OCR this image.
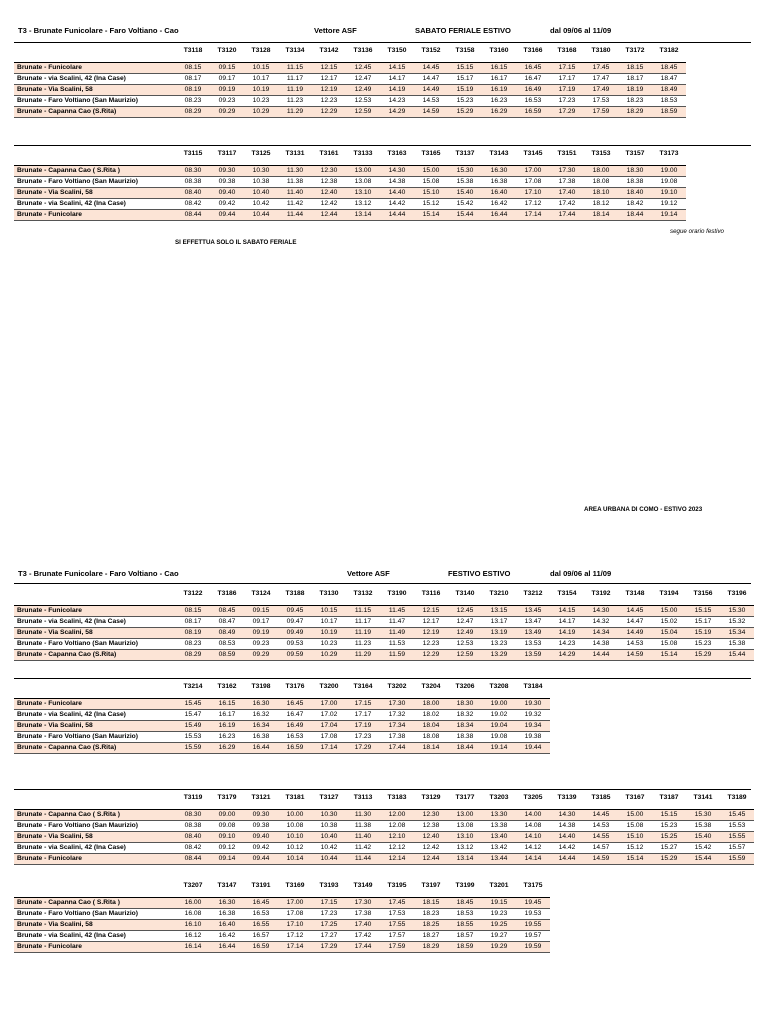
T3 - Brunate Funicolare - Faro Voltiano - Cao	Vettore ASF	SABATO FERIALE ESTIVO	dal 09/06 al 11/09
	T3118	T3120	T3128	T3134	T3142	T3136	T3150	T3152	T3158	T3160	T3166	T3168	T3180	T3172	T3182

Brunate - Funicolare	08.15	09.15	10.15	11.15	12.15	12.45	14.15	14.45	15.15	16.15	16.45	17.15	17.45	18.15	18.45
Brunate - via Scalini, 42 (Ina Case)	08.17	09.17	10.17	11.17	12.17	12.47	14.17	14.47	15.17	16.17	16.47	17.17	17.47	18.17	18.47
Brunate - Via Scalini, 58	08.19	09.19	10.19	11.19	12.19	12.49	14.19	14.49	15.19	16.19	16.49	17.19	17.49	18.19	18.49
Brunate - Faro Voltiano (San Maurizio)	08.23	09.23	10.23	11.23	12.23	12.53	14.23	14.53	15.23	16.23	16.53	17.23	17.53	18.23	18.53
Brunate - Capanna Cao (S.Rita)	08.29	09.29	10.29	11.29	12.29	12.59	14.29	14.59	15.29	16.29	16.59	17.29	17.59	18.29	18.59
	T3115	T3117	T3125	T3131	T3161	T3133	T3163	T3165	T3137	T3143	T3145	T3151	T3153	T3157	T3173

Brunate - Capanna Cao ( S.Rita )	08.30	09.30	10.30	11.30	12.30	13.00	14.30	15.00	15.30	16.30	17.00	17.30	18.00	18.30	19.00
Brunate - Faro Voltiano (San Maurizio)	08.38	09.38	10.38	11.38	12.38	13.08	14.38	15.08	15.38	16.38	17.08	17.38	18.08	18.38	19.08
Brunate - Via Scalini, 58	08.40	09.40	10.40	11.40	12.40	13.10	14.40	15.10	15.40	16.40	17.10	17.40	18.10	18.40	19.10
Brunate - via Scalini, 42 (Ina Case)	08.42	09.42	10.42	11.42	12.42	13.12	14.42	15.12	15.42	16.42	17.12	17.42	18.12	18.42	19.12
Brunate - Funicolare	08.44	09.44	10.44	11.44	12.44	13.14	14.44	15.14	15.44	16.44	17.14	17.44	18.14	18.44	19.14
SI EFFETTUA SOLO IL SABATO FERIALE
segue orario festivo
AREA URBANA DI COMO - ESTIVO 2023
T3 - Brunate Funicolare - Faro Voltiano - Cao	Vettore ASF	FESTIVO ESTIVO	dal 09/06 al 11/09
	T3122	T3186	T3124	T3188	T3130	T3132	T3190	T3116	T3140	T3210	T3212	T3154	T3192	T3148	T3194	T3156	T3196

Brunate - Funicolare	08.15	08.45	09.15	09.45	10.15	11.15	11.45	12.15	12.45	13.15	13.45	14.15	14.30	14.45	15.00	15.15	15.30
Brunate - via Scalini, 42 (Ina Case)	08.17	08.47	09.17	09.47	10.17	11.17	11.47	12.17	12.47	13.17	13.47	14.17	14.32	14.47	15.02	15.17	15.32
Brunate - Via Scalini, 58	08.19	08.49	09.19	09.49	10.19	11.19	11.49	12.19	12.49	13.19	13.49	14.19	14.34	14.49	15.04	15.19	15.34
Brunate - Faro Voltiano (San Maurizio)	08.23	08.53	09.23	09.53	10.23	11.23	11.53	12.23	12.53	13.23	13.53	14.23	14.38	14.53	15.08	15.23	15.38
Brunate - Capanna Cao (S.Rita)	08.29	08.59	09.29	09.59	10.29	11.29	11.59	12.29	12.59	13.29	13.59	14.29	14.44	14.59	15.14	15.29	15.44
	T3214	T3162	T3198	T3176	T3200	T3164	T3202	T3204	T3206	T3208	T3184

Brunate - Funicolare	15.45	16.15	16.30	16.45	17.00	17.15	17.30	18.00	18.30	19.00	19.30
Brunate - via Scalini, 42 (Ina Case)	15.47	16.17	16.32	16.47	17.02	17.17	17.32	18.02	18.32	19.02	19.32
Brunate - Via Scalini, 58	15.49	16.19	16.34	16.49	17.04	17.19	17.34	18.04	18.34	19.04	19.34
Brunate - Faro Voltiano (San Maurizio)	15.53	16.23	16.38	16.53	17.08	17.23	17.38	18.08	18.38	19.08	19.38
Brunate - Capanna Cao (S.Rita)	15.59	16.29	16.44	16.59	17.14	17.29	17.44	18.14	18.44	19.14	19.44
	T3119	T3179	T3121	T3181	T3127	T3113	T3183	T3129	T3177	T3203	T3205	T3139	T3185	T3167	T3187	T3141	T3189

Brunate - Capanna Cao ( S.Rita )	08.30	09.00	09.30	10.00	10.30	11.30	12.00	12.30	13.00	13.30	14.00	14.30	14.45	15.00	15.15	15.30	15.45
Brunate - Faro Voltiano (San Maurizio)	08.38	09.08	09.38	10.08	10.38	11.38	12.08	12.38	13.08	13.38	14.08	14.38	14.53	15.08	15.23	15.38	15.53
Brunate - Via Scalini, 58	08.40	09.10	09.40	10.10	10.40	11.40	12.10	12.40	13.10	13.40	14.10	14.40	14.55	15.10	15.25	15.40	15.55
Brunate - via Scalini, 42 (Ina Case)	08.42	09.12	09.42	10.12	10.42	11.42	12.12	12.42	13.12	13.42	14.12	14.42	14.57	15.12	15.27	15.42	15.57
Brunate - Funicolare	08.44	09.14	09.44	10.14	10.44	11.44	12.14	12.44	13.14	13.44	14.14	14.44	14.59	15.14	15.29	15.44	15.59
	T3207	T3147	T3191	T3169	T3193	T3149	T3195	T3197	T3199	T3201	T3175

Brunate - Capanna Cao ( S.Rita )	16.00	16.30	16.45	17.00	17.15	17.30	17.45	18.15	18.45	19.15	19.45
Brunate - Faro Voltiano (San Maurizio)	16.08	16.38	16.53	17.08	17.23	17.38	17.53	18.23	18.53	19.23	19.53
Brunate - Via Scalini, 58	16.10	16.40	16.55	17.10	17.25	17.40	17.55	18.25	18.55	19.25	19.55
Brunate - via Scalini, 42 (Ina Case)	16.12	16.42	16.57	17.12	17.27	17.42	17.57	18.27	18.57	19.27	19.57
Brunate - Funicolare	16.14	16.44	16.59	17.14	17.29	17.44	17.59	18.29	18.59	19.29	19.59
